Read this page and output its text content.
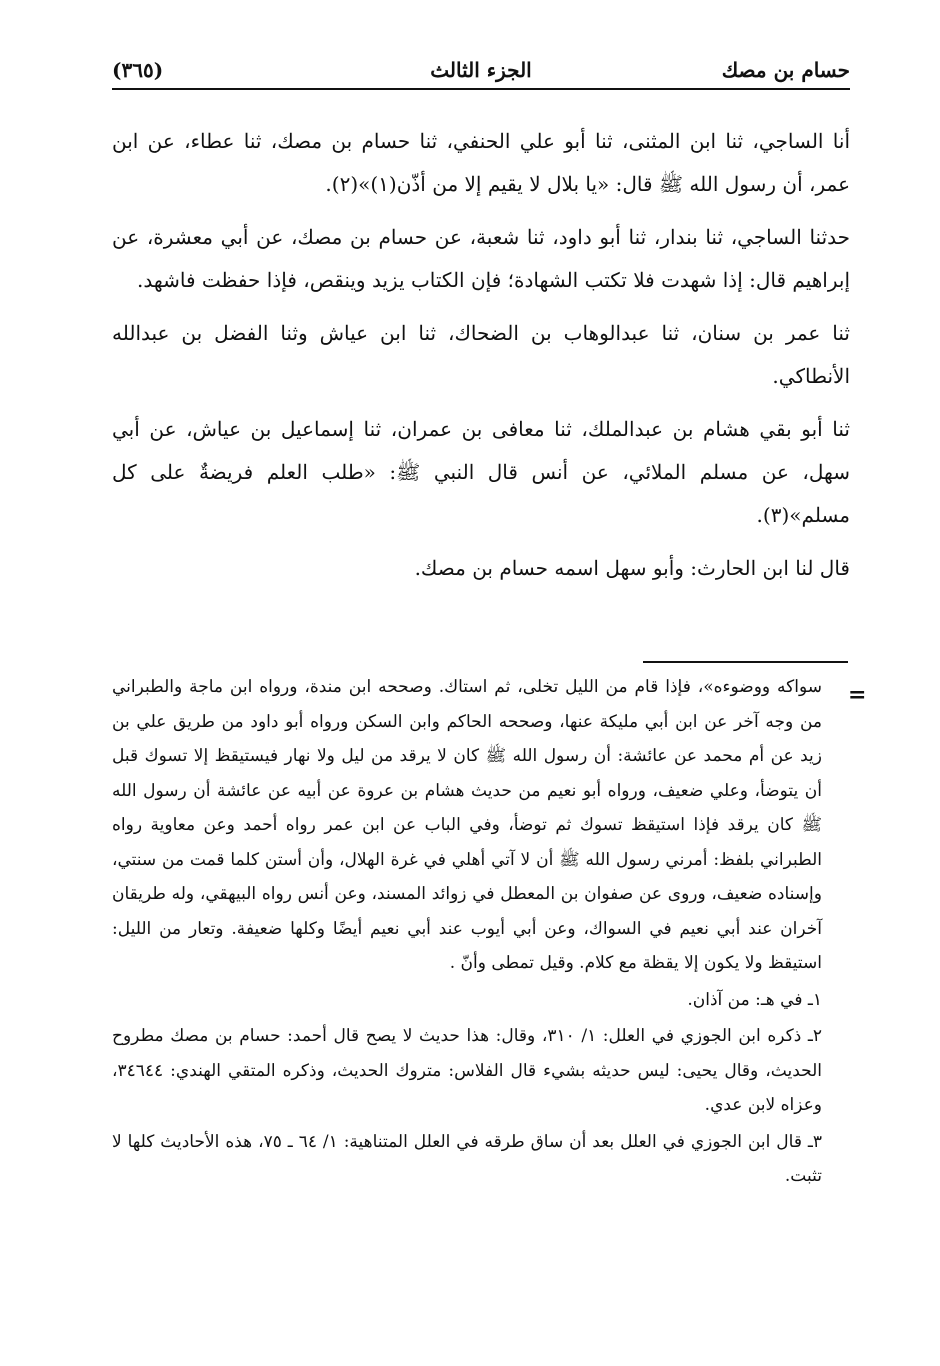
حسام بن مصك
الجزء الثالث
(٣٦٥)

أنا الساجي، ثنا ابن المثنى، ثنا أبو علي الحنفي، ثنا حسام بن مصك، ثنا عطاء، عن ابن عمر، أن رسول الله ﷺ قال: «يا بلال لا يقيم إلا من أذّن(١)»(٢).

حدثنا الساجي، ثنا بندار، ثنا أبو داود، ثنا شعبة، عن حسام بن مصك، عن أبي معشرة، عن إبراهيم قال: إذا شهدت فلا تكتب الشهادة؛ فإن الكتاب يزيد وينقص، فإذا حفظت فاشهد.

ثنا عمر بن سنان، ثنا عبدالوهاب بن الضحاك، ثنا ابن عياش وثنا الفضل بن عبدالله الأنطاكي.

ثنا أبو بقي هشام بن عبدالملك، ثنا معافى بن عمران، ثنا إسماعيل بن عياش، عن أبي سهل، عن مسلم الملائي، عن أنس قال النبي ﷺ: «طلب العلم فريضةٌ على كل مسلم»(٣).

قال لنا ابن الحارث: وأبو سهل اسمه حسام بن مصك.

=

سواكه ووضوءه»، فإذا قام من الليل تخلى، ثم استاك. وصححه ابن مندة، ورواه ابن ماجة والطبراني من وجه آخر عن ابن أبي مليكة عنها، وصححه الحاكم وابن السكن ورواه أبو داود من طريق علي بن زيد عن أم محمد عن عائشة: أن رسول الله ﷺ كان لا يرقد من ليل ولا نهار فيستيقظ إلا تسوك قبل أن يتوضأ، وعلي ضعيف، ورواه أبو نعيم من حديث هشام بن عروة عن أبيه عن عائشة أن رسول الله ﷺ كان يرقد فإذا استيقظ تسوك ثم توضأ، وفي الباب عن ابن عمر رواه أحمد وعن معاوية رواه الطبراني بلفظ: أمرني رسول الله ﷺ أن لا آتي أهلي في غرة الهلال، وأن أستن كلما قمت من سنتي، وإسناده ضعيف، وروى عن صفوان بن المعطل في زوائد المسند، وعن أنس رواه البيهقي، وله طريقان آخران عند أبي نعيم في السواك، وعن أبي أيوب عند أبي نعيم أيضًا وكلها ضعيفة. وتعار من الليل: استيقظ ولا يكون إلا يقظة مع كلام. وقيل تمطى وأنّ .

١ـ في هـ: من آذان.

٢ـ ذكره ابن الجوزي في العلل: ١/ ٣١٠، وقال: هذا حديث لا يصح قال أحمد: حسام بن مصك مطروح الحديث، وقال يحيى: ليس حديثه بشيء قال الفلاس: متروك الحديث، وذكره المتقي الهندي: ٣٤٦٤٤، وعزاه لابن عدي.

٣ـ قال ابن الجوزي في العلل بعد أن ساق طرقه في العلل المتناهية: ١/ ٦٤ ـ ٧٥، هذه الأحاديث كلها لا تثبت.
